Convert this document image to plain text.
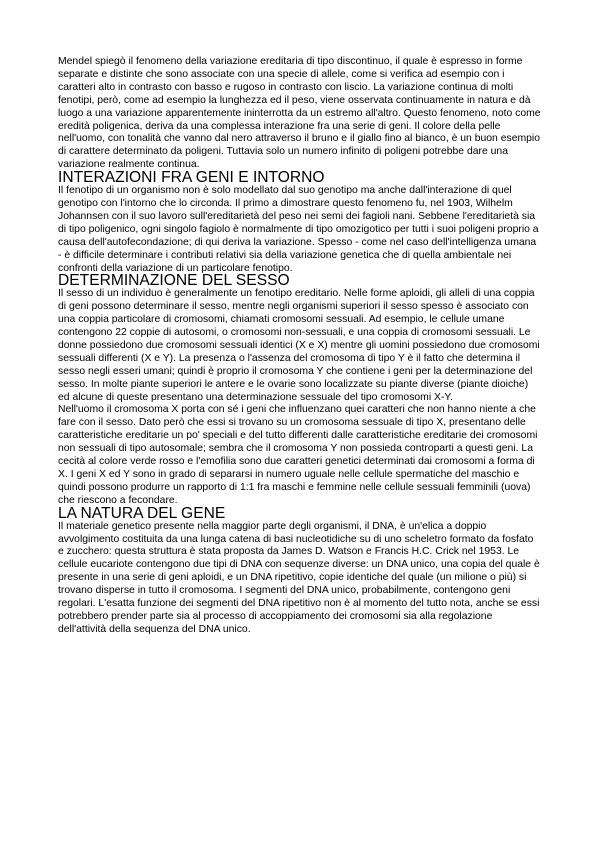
Mendel spiegò il fenomeno della variazione ereditaria di tipo discontinuo, il quale è espresso in forme separate e distinte che sono associate con una specie di allele, come si verifica ad esempio con i caratteri alto in contrasto con basso e rugoso in contrasto con liscio. La variazione continua di molti fenotipi, però, come ad esempio la lunghezza ed il peso, viene osservata continuamente in natura e dà luogo a una variazione apparentemente ininterrotta da un estremo all'altro. Questo fenomeno, noto come eredità poligenica, deriva da una complessa interazione fra una serie di geni. Il colore della pelle nell'uomo, con tonalità che vanno dal nero attraverso il bruno e il giallo fino al bianco, è un buon esempio di carattere determinato da poligeni. Tuttavia solo un numero infinito di poligeni potrebbe dare una variazione realmente continua.

INTERAZIONI FRA GENI E INTORNO

Il fenotipo di un organismo non è solo modellato dal suo genotipo ma anche dall'interazione di quel genotipo con l'intorno che lo circonda. Il primo a dimostrare questo fenomeno fu, nel 1903, Wilhelm Johannsen con il suo lavoro sull'ereditarietà del peso nei semi dei fagioli nani. Sebbene l'ereditarietà sia di tipo poligenico, ogni singolo fagiolo è normalmente di tipo omozigotico per tutti i suoi poligeni proprio a causa dell'autofecondazione; di qui deriva la variazione. Spesso - come nel caso dell'intelligenza umana - è difficile determinare i contributi relativi sia della variazione genetica che di quella ambientale nei confronti della variazione di un particolare fenotipo.

DETERMINAZIONE DEL SESSO

Il sesso di un individuo è generalmente un fenotipo ereditario. Nelle forme aploidi, gli alleli di una coppia di geni possono determinare il sesso, mentre negli organismi superiori il sesso spesso è associato con una coppia particolare di cromosomi, chiamati cromosomi sessuali. Ad esempio, le cellule umane contengono 22 coppie di autosomi, o cromosomi non-sessuali, e una coppia di cromosomi sessuali. Le donne possiedono due cromosomi sessuali identici (X e X) mentre gli uomini possiedono due cromosomi sessuali differenti (X e Y). La presenza o l'assenza del cromosoma di tipo Y è il fatto che determina il sesso negli esseri umani; quindi è proprio il cromosoma Y che contiene i geni per la determinazione del sesso. In molte piante superiori le antere e le ovarie sono localizzate su piante diverse (piante dioiche) ed alcune di queste presentano una determinazione sessuale del tipo cromosomi X-Y.

Nell'uomo il cromosoma X porta con sé i geni che influenzano quei caratteri che non hanno niente a che fare con il sesso. Dato però che essi si trovano su un cromosoma sessuale di tipo X, presentano delle caratteristiche ereditarie un po' speciali e del tutto differenti dalle caratteristiche ereditarie dei cromosomi non sessuali di tipo autosomale; sembra che il cromosoma Y non possieda controparti a questi geni. La cecità al colore verde rosso e l'emofilia sono due caratteri genetici determinati dai cromosomi a forma di X. I geni X ed Y sono in grado di separarsi in numero uguale nelle cellule spermatiche del maschio e quindi possono produrre un rapporto di 1:1 fra maschi e femmine nelle cellule sessuali femminili (uova) che riescono a fecondare.

LA NATURA DEL GENE

Il materiale genetico presente nella maggior parte degli organismi, il DNA, è un'elica a doppio avvolgimento costituita da una lunga catena di basi nucleotidiche su di uno scheletro formato da fosfato e zucchero: questa struttura è stata proposta da James D. Watson e Francis H.C. Crick nel 1953. Le cellule eucariote contengono due tipi di DNA con sequenze diverse: un DNA unico, una copia del quale è presente in una serie di geni aploidi, e un DNA ripetitivo, copie identiche del quale (un milione o più) si trovano disperse in tutto il cromosoma. I segmenti del DNA unico, probabilmente, contengono geni regolari. L'esatta funzione dei segmenti del DNA ripetitivo non è al momento del tutto nota, anche se essi potrebbero prender parte sia al processo di accoppiamento dei cromosomi sia alla regolazione dell'attività della sequenza del DNA unico.
